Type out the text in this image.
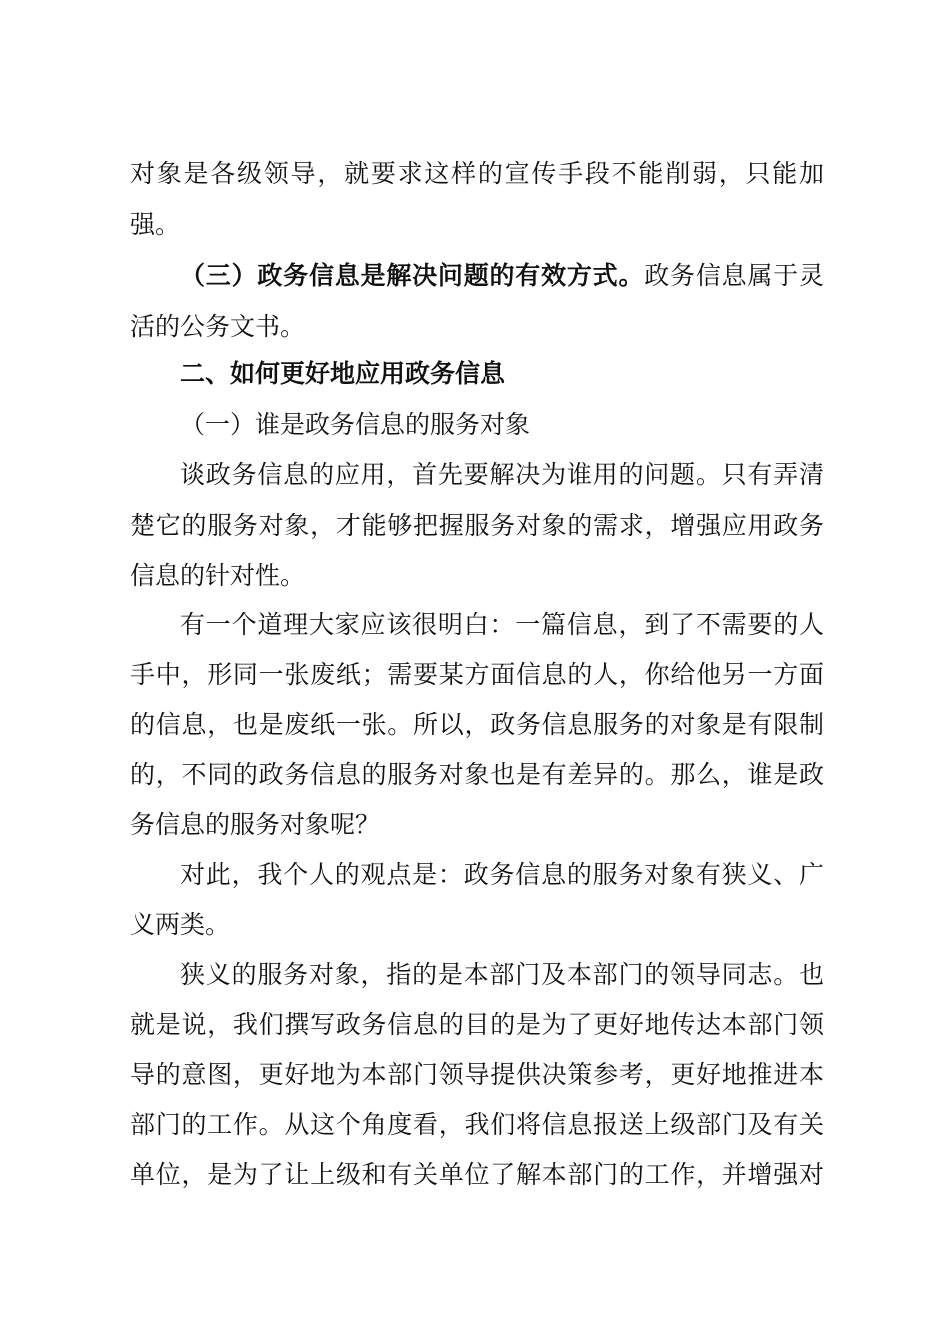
对象是各级领导，就要求这样的宣传手段不能削弱，只能加
强。
（三）政务信息是解决问题的有效方式。政务信息属于灵
活的公务文书。
二、如何更好地应用政务信息
（一）谁是政务信息的服务对象
谈政务信息的应用，首先要解决为谁用的问题。只有弄清
楚它的服务对象，才能够把握服务对象的需求，增强应用政务
信息的针对性。
有一个道理大家应该很明白：一篇信息，到了不需要的人
手中，形同一张废纸；需要某方面信息的人，你给他另一方面
的信息，也是废纸一张。所以，政务信息服务的对象是有限制
的，不同的政务信息的服务对象也是有差异的。那么，谁是政
务信息的服务对象呢？
对此，我个人的观点是：政务信息的服务对象有狭义、广
义两类。
狭义的服务对象，指的是本部门及本部门的领导同志。也
就是说，我们撰写政务信息的目的是为了更好地传达本部门领
导的意图，更好地为本部门领导提供决策参考，更好地推进本
部门的工作。从这个角度看，我们将信息报送上级部门及有关
单位，是为了让上级和有关单位了解本部门的工作，并增强对
